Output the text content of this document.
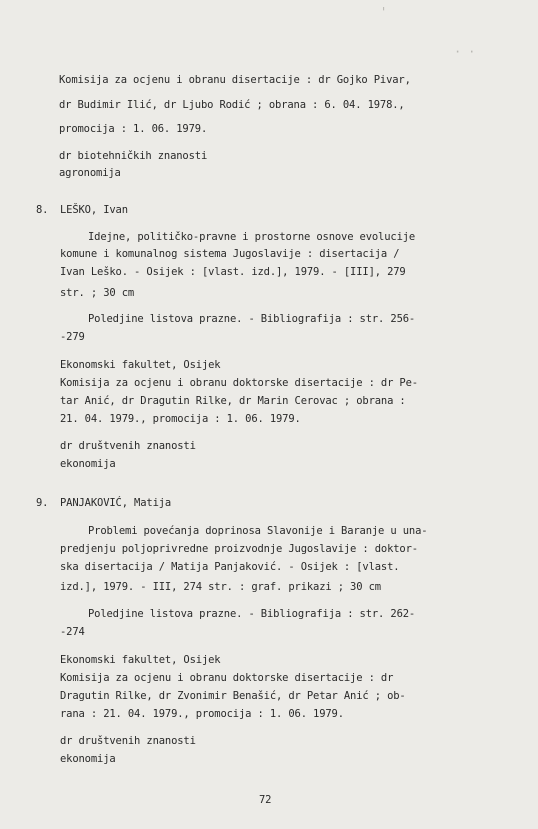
'
· ·
Komisija za ocjenu i obranu disertacije : dr Gojko Pivar,
dr Budimir Ilić, dr Ljubo Rodić ; obrana : 6. 04. 1978.,
promocija : 1. 06. 1979.
dr biotehničkih znanosti
agronomija
8. LEŠKO, Ivan
Idejne, političko-pravne i prostorne osnove evolucije
komune i komunalnog sistema Jugoslavije : disertacija /
Ivan Leško. - Osijek : [vlast. izd.], 1979. - [III], 279
str. ; 30 cm
Poledjine listova prazne. - Bibliografija : str. 256-
-279
Ekonomski fakultet, Osijek
Komisija za ocjenu i obranu doktorske disertacije : dr Pe-
tar Anić, dr Dragutin Rilke, dr Marin Cerovac ; obrana :
21. 04. 1979., promocija : 1. 06. 1979.
dr društvenih znanosti
ekonomija
9. PANJAKOVIĆ, Matija
Problemi povećanja doprinosa Slavonije i Baranje u una-
predjenju poljoprivredne proizvodnje Jugoslavije : doktor-
ska disertacija / Matija Panjaković. - Osijek : [vlast.
izd.], 1979. - III, 274 str. : graf. prikazi ; 30 cm
Poledjine listova prazne. - Bibliografija : str. 262-
-274
Ekonomski fakultet, Osijek
Komisija za ocjenu i obranu doktorske disertacije : dr
Dragutin Rilke, dr Zvonimir Benašić, dr Petar Anić ; ob-
rana : 21. 04. 1979., promocija : 1. 06. 1979.
dr društvenih znanosti
ekonomija
72
